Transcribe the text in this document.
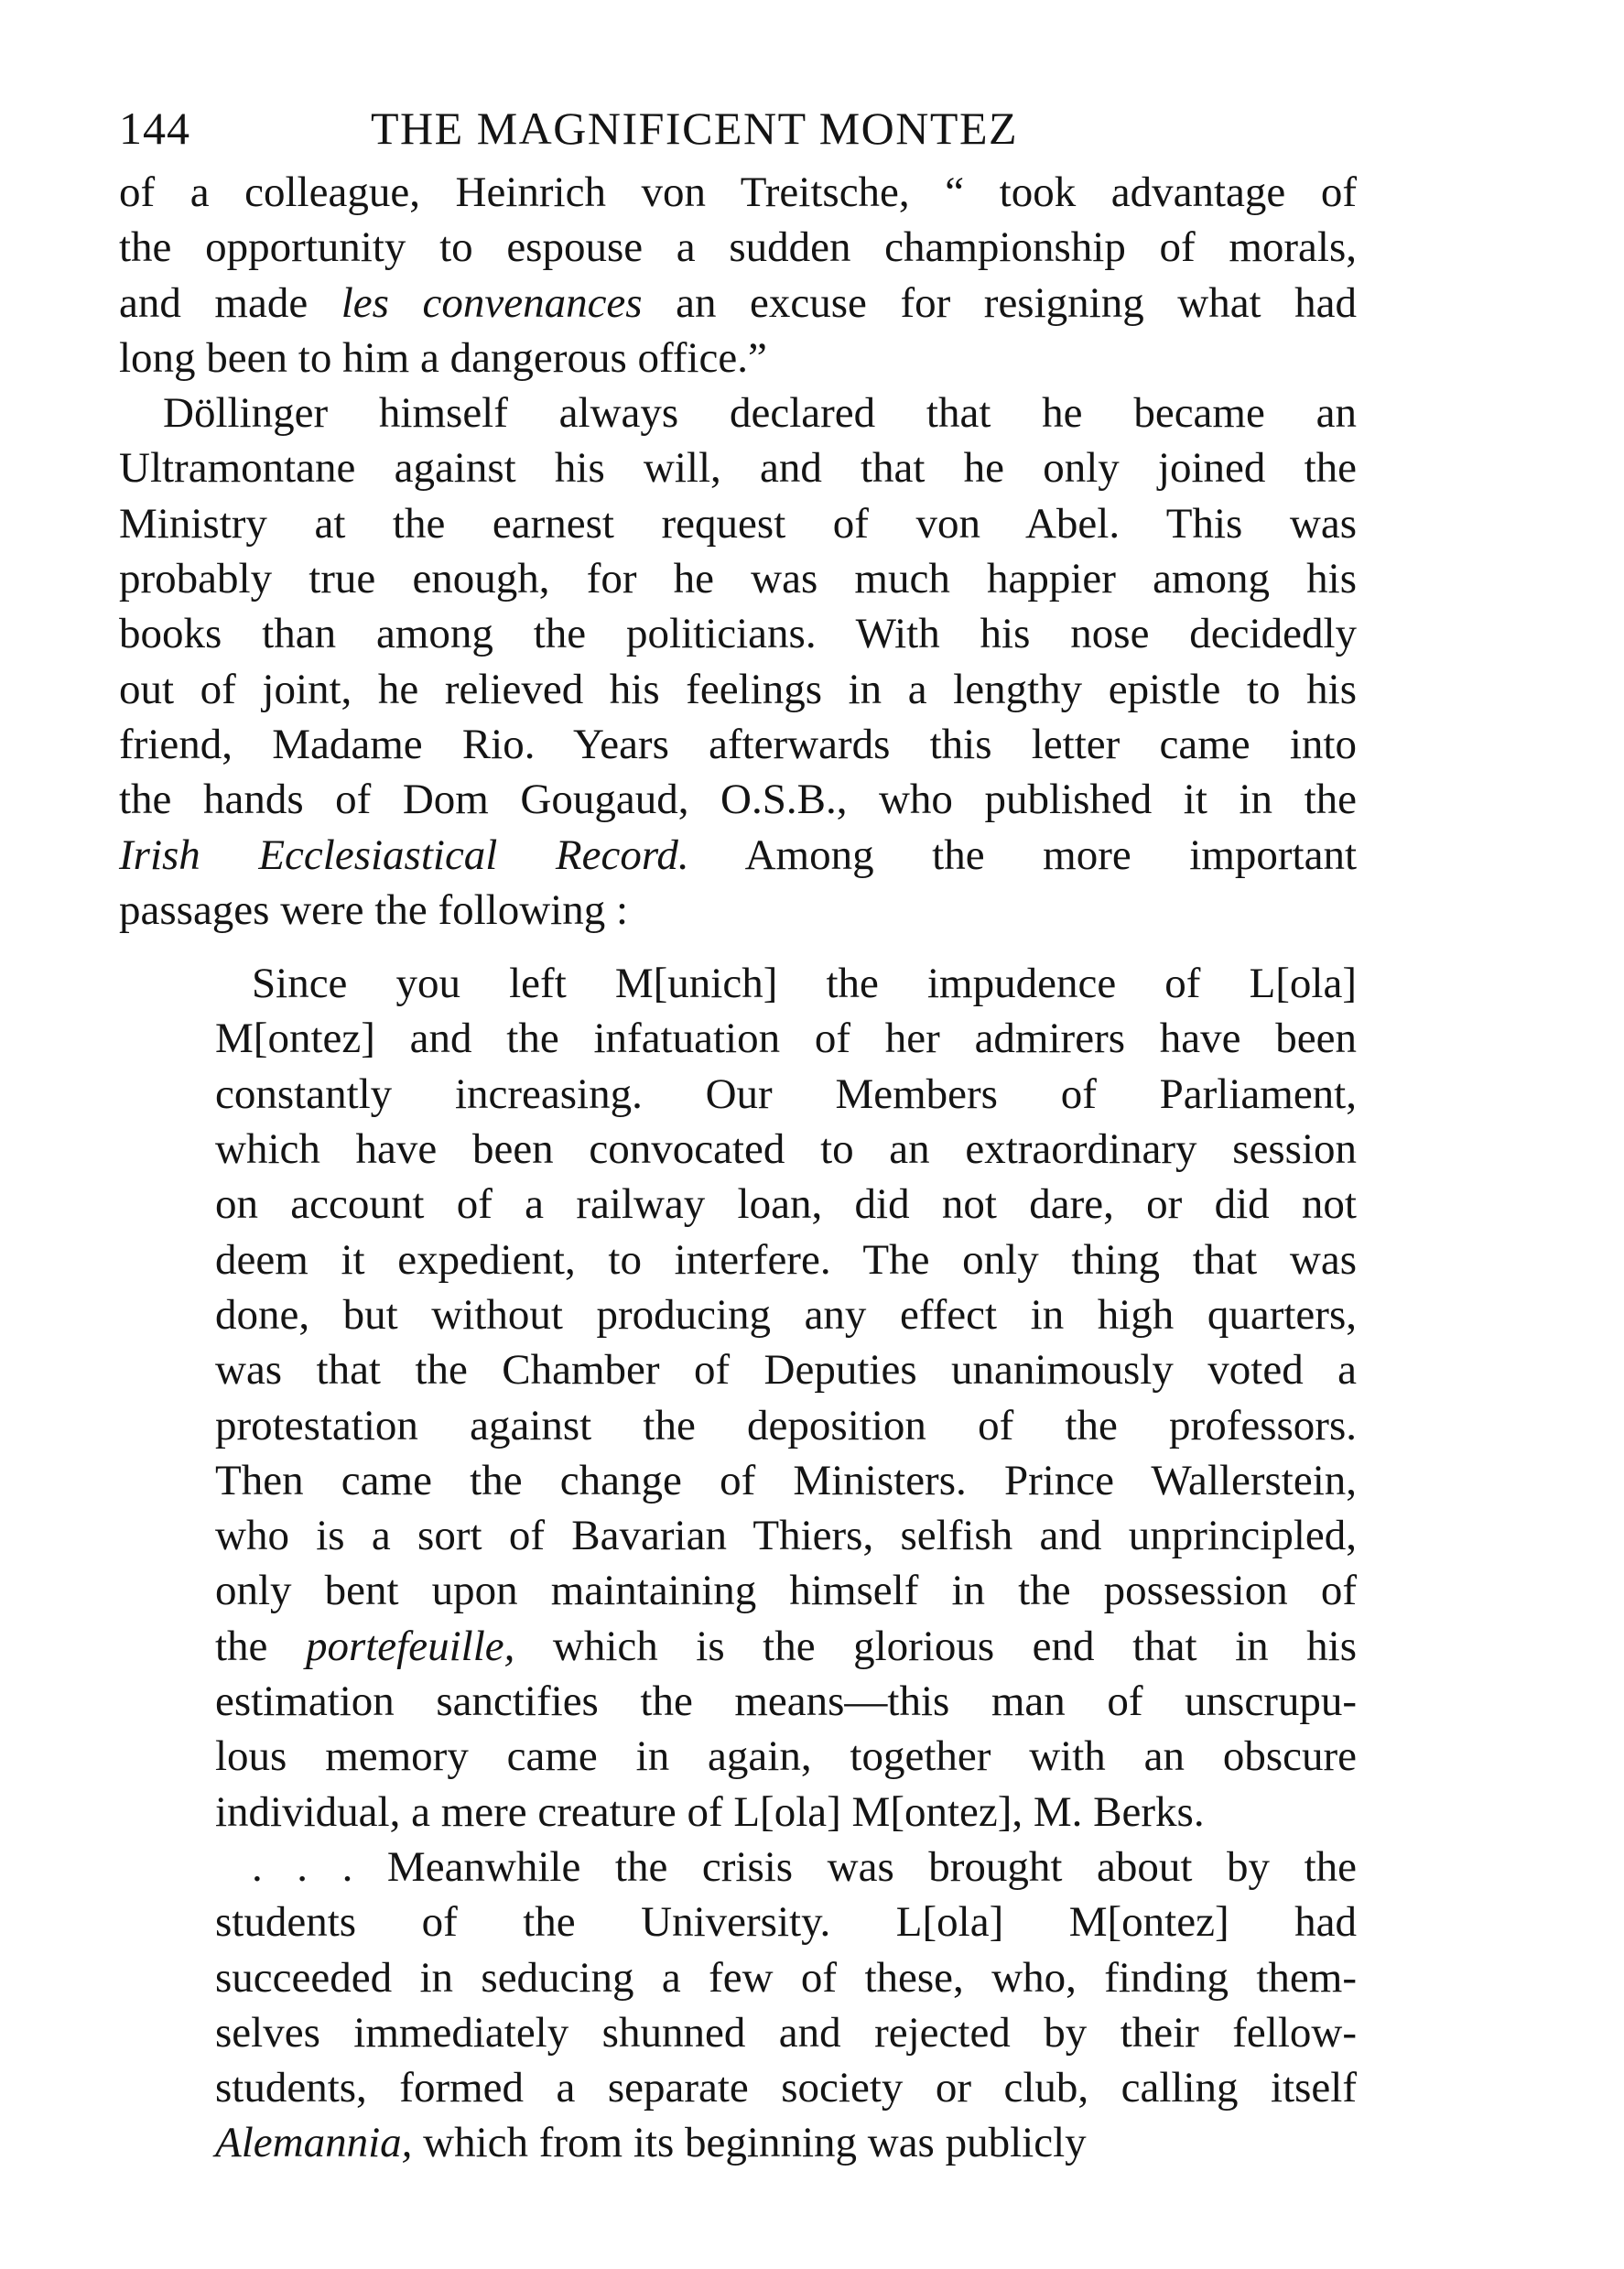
144	THE MAGNIFICENT MONTEZ

of a colleague, Heinrich von Treitsche, “ took advantage of
the opportunity to espouse a sudden championship of morals,
and made les convenances an excuse for resigning what had
long been to him a dangerous office.”

Döllinger himself always declared that he became an
Ultramontane against his will, and that he only joined the
Ministry at the earnest request of von Abel. This was
probably true enough, for he was much happier among his
books than among the politicians. With his nose decidedly
out of joint, he relieved his feelings in a lengthy epistle to his
friend, Madame Rio. Years afterwards this letter came into
the hands of Dom Gougaud, O.S.B., who published it in the
Irish Ecclesiastical Record. Among the more important
passages were the following :

Since you left M[unich] the impudence of L[ola]
M[ontez] and the infatuation of her admirers have been
constantly increasing. Our Members of Parliament,
which have been convocated to an extraordinary session
on account of a railway loan, did not dare, or did not
deem it expedient, to interfere. The only thing that was
done, but without producing any effect in high quarters,
was that the Chamber of Deputies unanimously voted a
protestation against the deposition of the professors.
Then came the change of Ministers. Prince Wallerstein,
who is a sort of Bavarian Thiers, selfish and unprincipled,
only bent upon maintaining himself in the possession of
the portefeuille, which is the glorious end that in his
estimation sanctifies the means—this man of unscrupu-
lous memory came in again, together with an obscure
individual, a mere creature of L[ola] M[ontez], M. Berks.

. . . Meanwhile the crisis was brought about by the
students of the University. L[ola] M[ontez] had
succeeded in seducing a few of these, who, finding them-
selves immediately shunned and rejected by their fellow-
students, formed a separate society or club, calling itself
Alemannia, which from its beginning was publicly
